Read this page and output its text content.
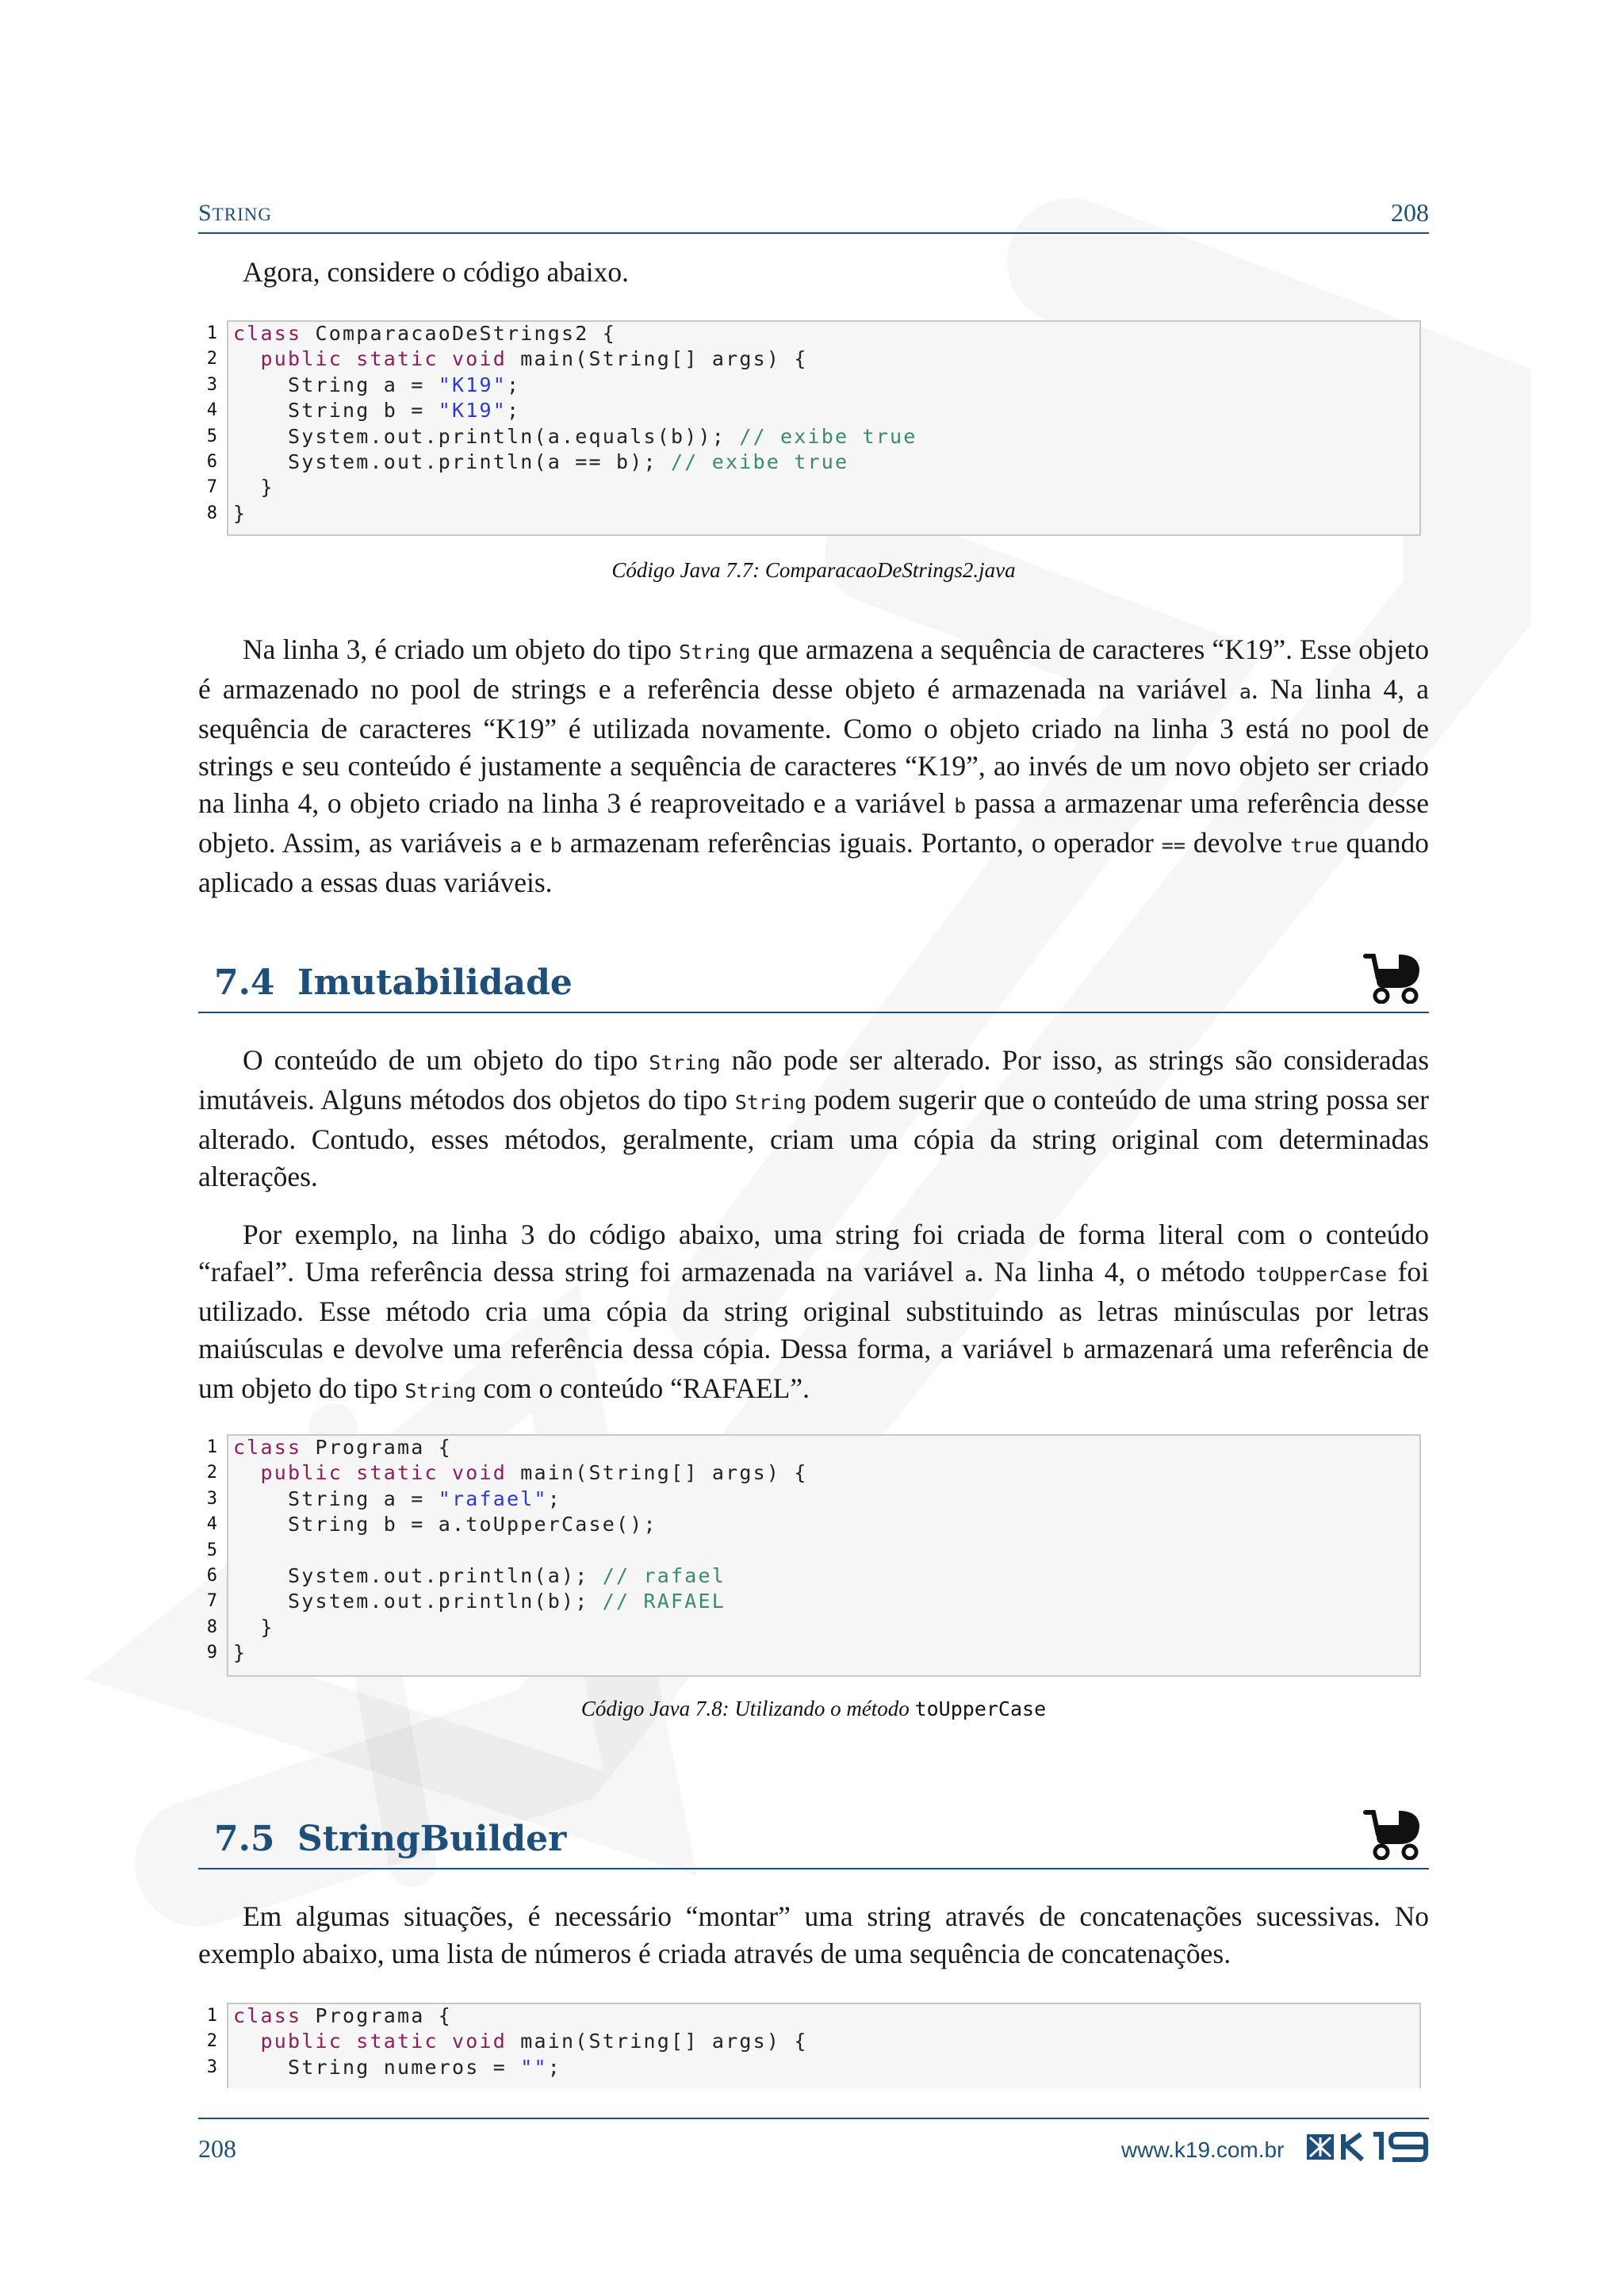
STRING	208

Agora, considere o código abaixo.

1 class ComparacaoDeStrings2 {
2	public static void main(String[] args) {
3 String a = "K19";
4 String b = "K19";
5 System.out.println(a.equals(b)); // exibe true
6 System.out.println(a == b); // exibe true
7 }
8 }
Código Java 7.7: ComparacaoDeStrings2.java

Na linha 3, é criado um objeto do tipo String que armazena a sequência de caracteres “K19”. Esse objeto é armazenado no pool de strings e a referência desse objeto é armazenada na variável a. Na linha 4, a sequência de caracteres “K19” é utilizada novamente. Como o objeto criado na linha 3 está no pool de strings e seu conteúdo é justamente a sequência de caracteres “K19”, ao invés de um novo objeto ser criado na linha 4, o objeto criado na linha 3 é reaproveitado e a variável b passa a armazenar uma referência desse objeto. Assim, as variáveis a e b armazenam referências iguais. Portanto, o operador == devolve true quando aplicado a essas duas variáveis.

7.4 Imutabilidade

O conteúdo de um objeto do tipo String não pode ser alterado. Por isso, as strings são consideradas imutáveis. Alguns métodos dos objetos do tipo String podem sugerir que o conteúdo de uma string possa ser alterado. Contudo, esses métodos, geralmente, criam uma cópia da string original com determinadas alterações.

Por exemplo, na linha 3 do código abaixo, uma string foi criada de forma literal com o conteúdo “rafael”. Uma referência dessa string foi armazenada na variável a. Na linha 4, o método toUpperCase foi utilizado. Esse método cria uma cópia da string original substituindo as letras minúsculas por letras maiúsculas e devolve uma referência dessa cópia. Dessa forma, a variável b armazenará uma referência de um objeto do tipo String com o conteúdo “RAFAEL”.

1 class Programa {
2	public static void main(String[] args) {
3 String a = "rafael";
4 String b = a.toUpperCase();
5
6 System.out.println(a); // rafael
7 System.out.println(b); // RAFAEL
8 }
9 }
Código Java 7.8: Utilizando o método toUpperCase
7.5 StringBuilder

Em algumas situações, é necessário “montar” uma string através de concatenações sucessivas. No exemplo abaixo, uma lista de números é criada através de uma sequência de concatenações.

1 class Programa {
2	public static void main(String[] args) {
3 String numeros = "";
208	www.k19.com.br
